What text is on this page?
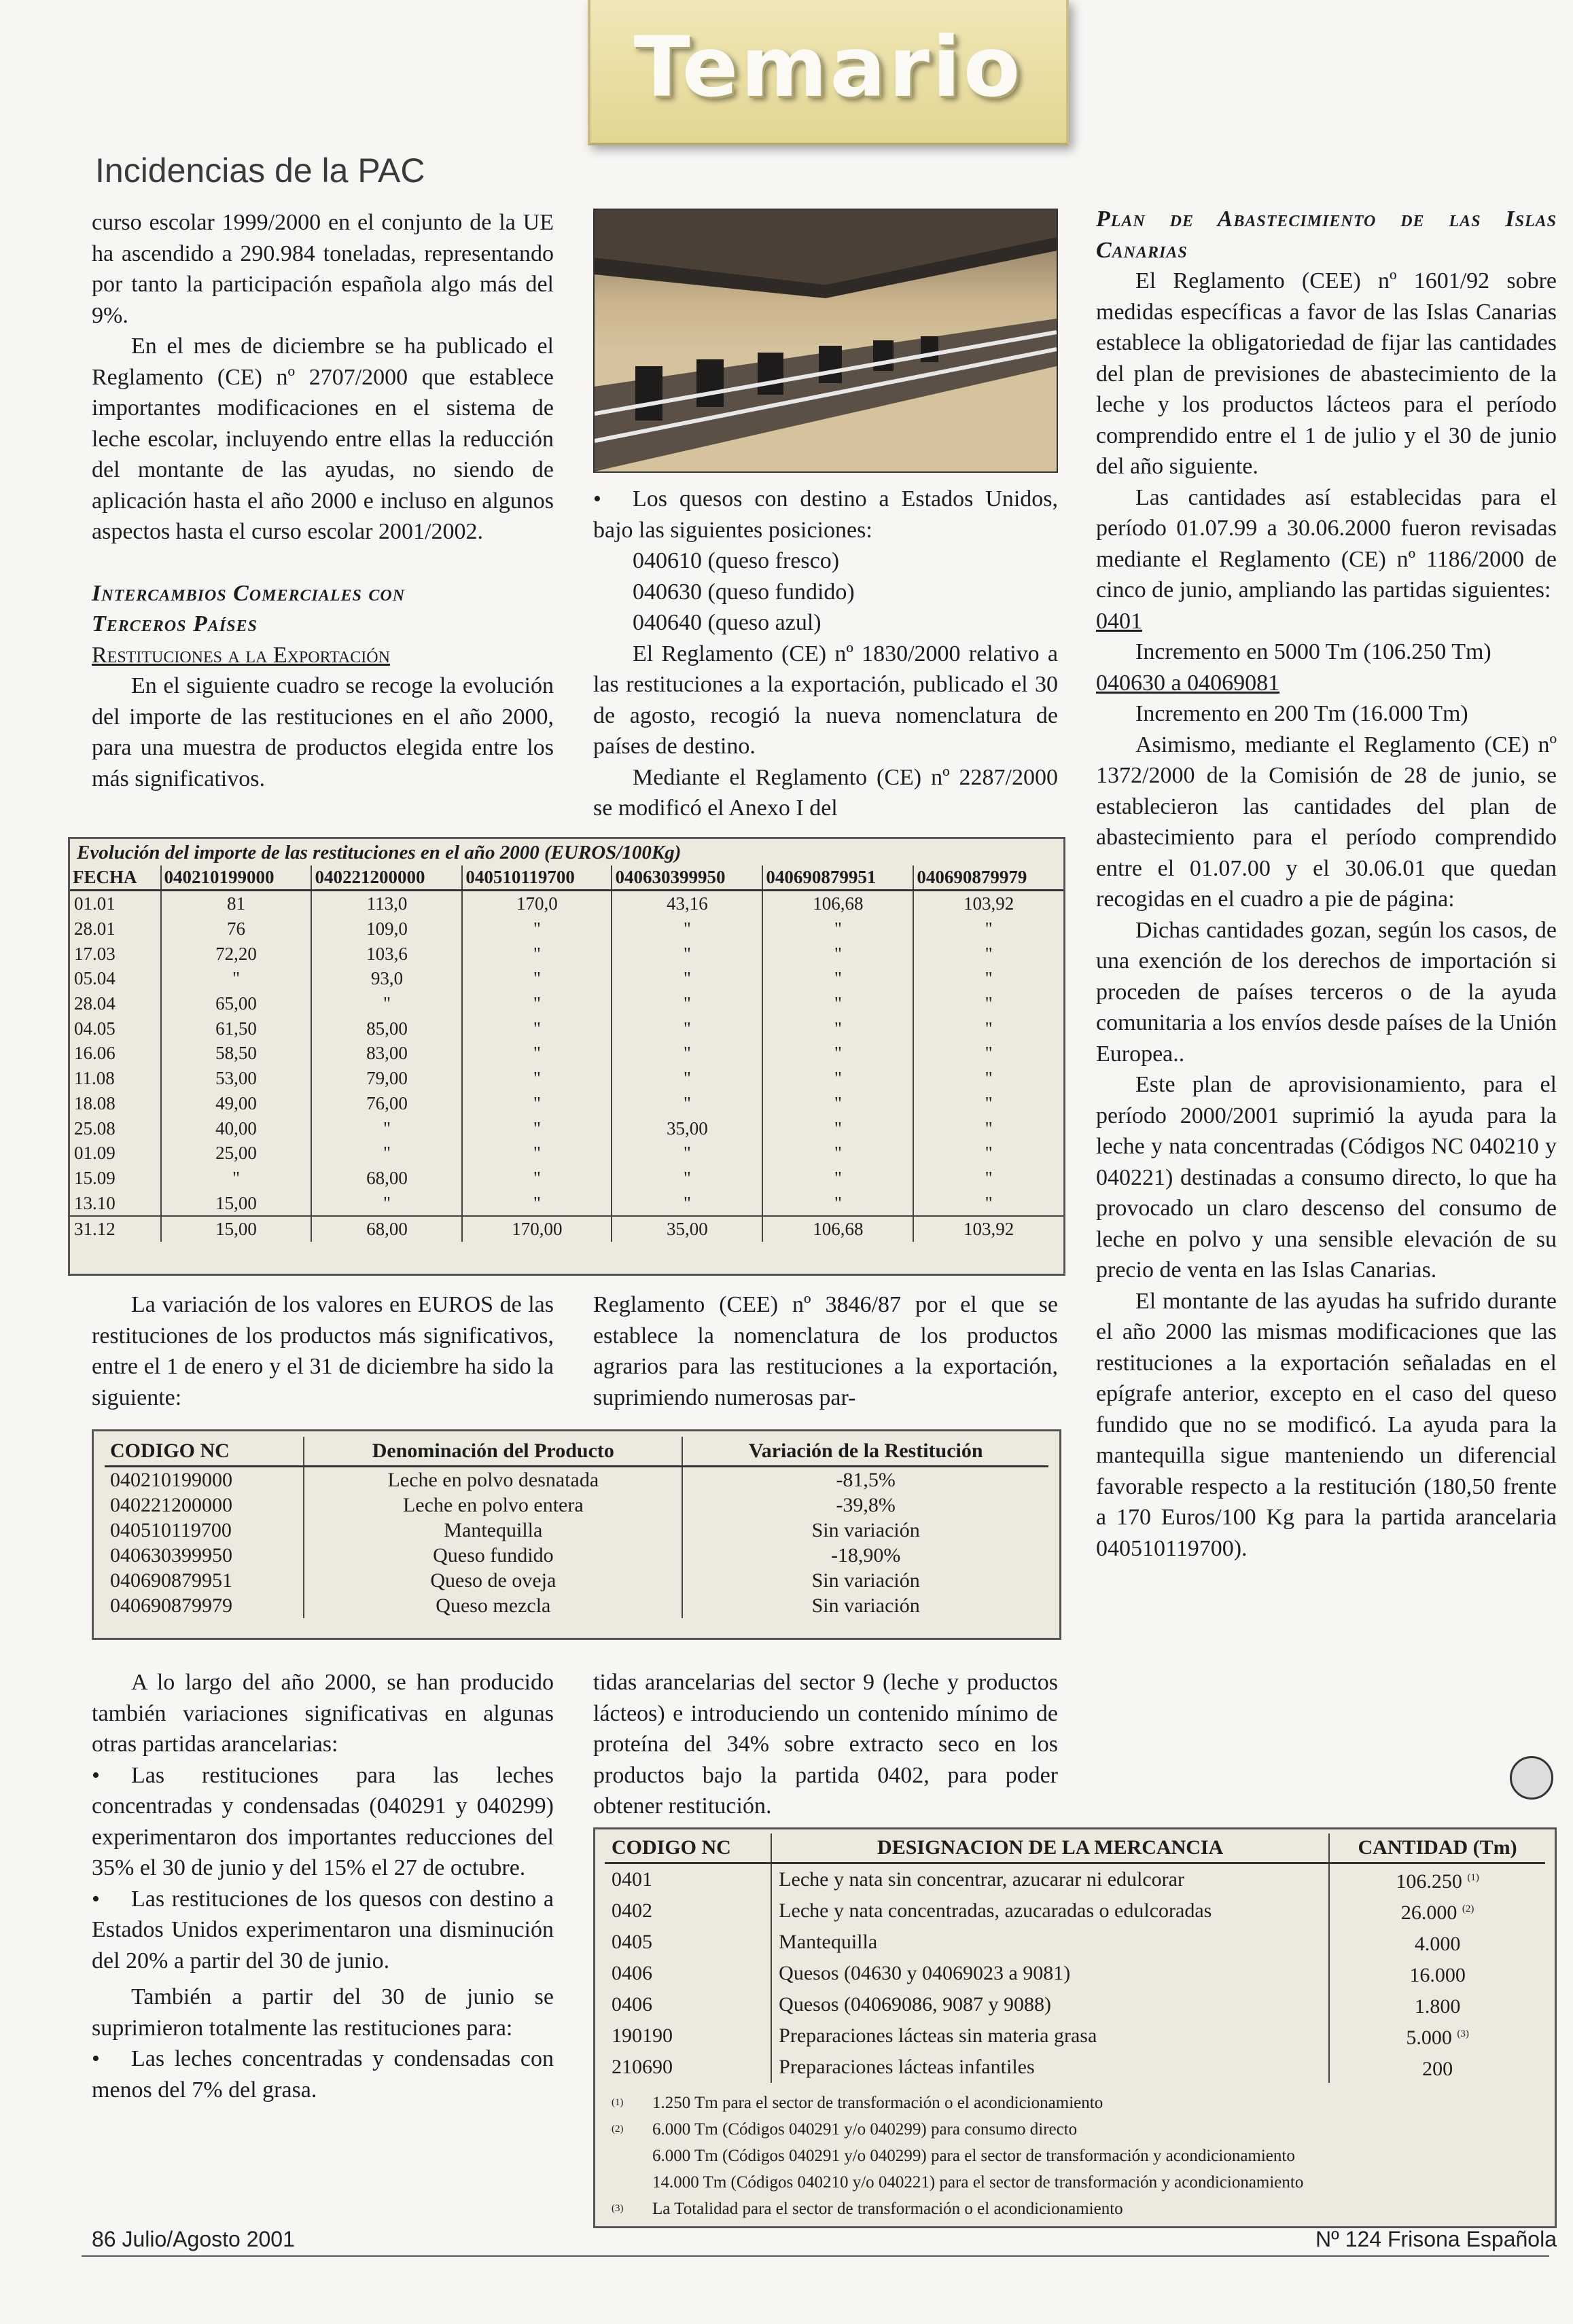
Temario
Incidencias de la PAC

curso escolar 1999/2000 en el conjunto de la UE ha ascendido a 290.984 toneladas, representando por tanto la participación española algo más del 9%.

En el mes de diciembre se ha publicado el Reglamento (CE) nº 2707/2000 que establece importantes modificaciones en el sistema de leche escolar, incluyendo entre ellas la reducción del montante de las ayudas, no siendo de aplicación hasta el año 2000 e incluso en algunos aspectos hasta el curso escolar 2001/2002.

Intercambios Comerciales con

Terceros Países

Restituciones a la Exportación

En el siguiente cuadro se recoge la evolución del importe de las restituciones en el año 2000, para una muestra de productos elegida entre los más significativos.

• Los quesos con destino a Estados Unidos, bajo las siguientes posiciones:

040610 (queso fresco)

040630 (queso fundido)

040640 (queso azul)

El Reglamento (CE) nº 1830/2000 relativo a las restituciones a la exportación, publicado el 30 de agosto, recogió la nueva nomenclatura de países de destino.

Mediante el Reglamento (CE) nº 2287/2000 se modificó el Anexo I del

Plan de Abastecimiento de las Islas Canarias

El Reglamento (CEE) nº 1601/92 sobre medidas específicas a favor de las Islas Canarias establece la obligatoriedad de fijar las cantidades del plan de previsiones de abastecimiento de la leche y los productos lácteos para el período comprendido entre el 1 de julio y el 30 de junio del año siguiente.

Las cantidades así establecidas para el período 01.07.99 a 30.06.2000 fueron revisadas mediante el Reglamento (CE) nº 1186/2000 de cinco de junio, ampliando las partidas siguientes:

0401

Incremento en 5000 Tm (106.250 Tm)

040630 a 04069081

Incremento en 200 Tm (16.000 Tm)

Asimismo, mediante el Reglamento (CE) nº 1372/2000 de la Comisión de 28 de junio, se establecieron las cantidades del plan de abastecimiento para el período comprendido entre el 01.07.00 y el 30.06.01 que quedan recogidas en el cuadro a pie de página:

Dichas cantidades gozan, según los casos, de una exención de los derechos de importación si proceden de países terceros o de la ayuda comunitaria a los envíos desde países de la Unión Europea..

Este plan de aprovisionamiento, para el período 2000/2001 suprimió la ayuda para la leche y nata concentradas (Códigos NC 040210 y 040221) destinadas a consumo directo, lo que ha provocado un claro descenso del consumo de leche en polvo y una sensible elevación de su precio de venta en las Islas Canarias.

El montante de las ayudas ha sufrido durante el año 2000 las mismas modificaciones que las restituciones a la exportación señaladas en el epígrafe anterior, excepto en el caso del queso fundido que no se modificó. La ayuda para la mantequilla sigue manteniendo un diferencial favorable respecto a la restitución (180,50 frente a 170 Euros/100 Kg para la partida arancelaria 040510119700).

Evolución del importe de las restituciones en el año 2000 (EUROS/100Kg)
FECHA	040210199000	040221200000	040510119700	040630399950	040690879951	040690879979
01.01	81	113,0	170,0	43,16	106,68	103,92
28.01	76	109,0	"	"	"	"
17.03	72,20	103,6	"	"	"	"
05.04	"	93,0	"	"	"	"
28.04	65,00	"	"	"	"	"
04.05	61,50	85,00	"	"	"	"
16.06	58,50	83,00	"	"	"	"
11.08	53,00	79,00	"	"	"	"
18.08	49,00	76,00	"	"	"	"
25.08	40,00	"	"	35,00	"	"
01.09	25,00	"	"	"	"	"
15.09	"	68,00	"	"	"	"
13.10	15,00	"	"	"	"	"
31.12	15,00	68,00	170,00	35,00	106,68	103,92

La variación de los valores en EUROS de las restituciones de los productos más significativos, entre el 1 de enero y el 31 de diciembre ha sido la siguiente:

Reglamento (CEE) nº 3846/87 por el que se establece la nomenclatura de los productos agrarios para las restituciones a la exportación, suprimiendo numerosas par-

CODIGO NC	Denominación del Producto	Variación de la Restitución
040210199000	Leche en polvo desnatada	-81,5%
040221200000	Leche en polvo entera	-39,8%
040510119700	Mantequilla	Sin variación
040630399950	Queso fundido	-18,90%
040690879951	Queso de oveja	Sin variación
040690879979	Queso mezcla	Sin variación

A lo largo del año 2000, se han producido también variaciones significativas en algunas otras partidas arancelarias:

• Las restituciones para las leches concentradas y condensadas (040291 y 040299) experimentaron dos importantes reducciones del 35% el 30 de junio y del 15% el 27 de octubre.

• Las restituciones de los quesos con destino a Estados Unidos experimentaron una disminución del 20% a partir del 30 de junio.

También a partir del 30 de junio se suprimieron totalmente las restituciones para:

• Las leches concentradas y condensadas con menos del 7% del grasa.

tidas arancelarias del sector 9 (leche y productos lácteos) e introduciendo un contenido mínimo de proteína del 34% sobre extracto seco en los productos bajo la partida 0402, para poder obtener restitución.

CODIGO NC	DESIGNACION DE LA MERCANCIA	CANTIDAD (Tm)
0401	Leche y nata sin concentrar, azucarar ni edulcorar	106.250 $^{(1)}$
0402	Leche y nata concentradas, azucaradas o edulcoradas	26.000 $^{(2)}$
0405	Mantequilla	4.000
0406	Quesos (04630 y 04069023 a 9081)	16.000
0406	Quesos (04069086, 9087 y 9088)	1.800
190190	Preparaciones lácteas sin materia grasa	5.000 $^{(3)}$
210690	Preparaciones lácteas infantiles	200
(1)	1.250 Tm para el sector de transformación o el acondicionamiento
(2)	6.000 Tm (Códigos 040291 y/o 040299) para consumo directo
6.000 Tm (Códigos 040291 y/o 040299) para el sector de transformación y acondicionamiento
14.000 Tm (Códigos 040210 y/o 040221) para el sector de transformación y acondicionamiento
(3)	La Totalidad para el sector de transformación o el acondicionamiento
86 Julio/Agosto 2001	Nº 124 Frisona Española
